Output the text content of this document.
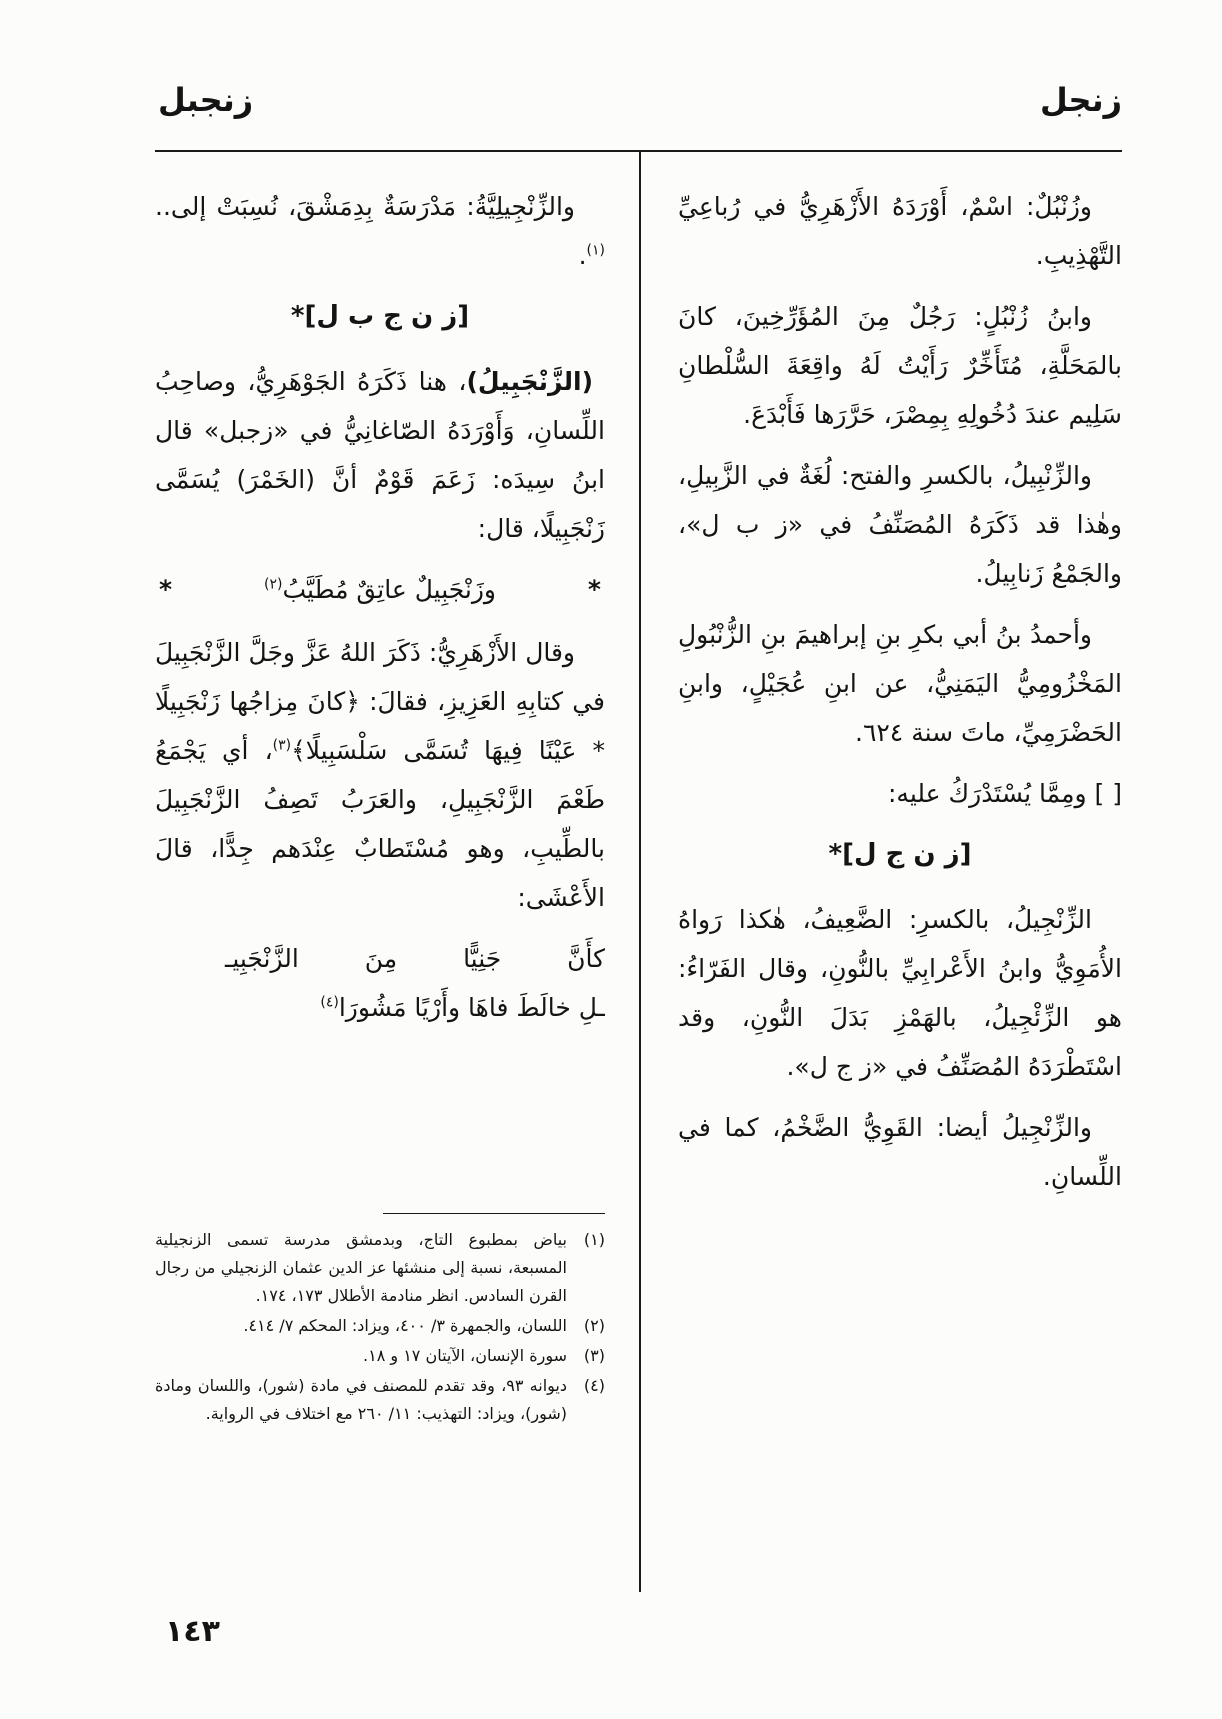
زنجل
زنجبل

وزُنْبُلٌ: اسْمٌ، أَوْرَدَهُ الأَزْهَرِيُّ في رُباعِيِّ التَّهْذِيبِ.

وابنُ زُنْبُلٍ: رَجُلٌ مِنَ المُؤَرِّخِينَ، كانَ بالمَحَلَّةِ، مُتَأَخِّرٌ رَأَيْتُ لَهُ واقِعَةَ السُّلْطانِ سَلِيم عندَ دُخُولِهِ بِمِصْرَ، حَرَّرَها فَأَبْدَعَ.

والزِّنْبِيلُ، بالكسرِ والفتح: لُغَةٌ في الزَّبِيلِ، وهٰذا قد ذَكَرَهُ المُصَنِّفُ في «ز ب ل»، والجَمْعُ زَنابِيلُ.

وأحمدُ بنُ أبي بكرِ بنِ إبراهيمَ بنِ الزُّنْبُولِ المَخْزُومِيُّ اليَمَنِيُّ، عن ابنِ عُجَيْلٍ، وابنِ الحَضْرَمِيِّ، ماتَ سنة ٦٢٤.

[ ] ومِمَّا يُسْتَدْرَكُ عليه:

[ز ن ج ل]*

الزِّنْجِيلُ، بالكسرِ: الضَّعِيفُ، هٰكذا رَواهُ الأُمَوِيُّ وابنُ الأَعْرابِيِّ بالنُّونِ، وقال الفَرّاءُ: هو الزِّئْجِيلُ، بالهَمْزِ بَدَلَ النُّونِ، وقد اسْتَطْرَدَهُ المُصَنِّفُ في «ز ج ل».

والزِّنْجِيلُ أيضا: القَوِيُّ الضَّخْمُ، كما في اللِّسانِ.

والزِّنْجِيلِيَّةُ: مَدْرَسَةٌ بِدِمَشْقَ، نُسِبَتْ إلى..$^{(١)}$.

[ز ن ج ب ل]*

(الزَّنْجَبِيلُ)، هنا ذَكَرَهُ الجَوْهَرِيُّ، وصاحِبُ اللِّسانِ، وَأَوْرَدَهُ الصّاغانِيُّ في «زجبل» قال ابنُ سِيدَه: زَعَمَ قَوْمٌ أنَّ (الخَمْرَ) يُسَمَّى زَنْجَبِيلًا، قال:

*
وزَنْجَبِيلٌ عاتِقٌ مُطَيَّبُ$^{(٢)}$
*

وقال الأَزْهَرِيُّ: ذَكَرَ اللهُ عَزَّ وجَلَّ الزَّنْجَبِيلَ في كتابِهِ العَزِيزِ، فقالَ: ﴿كانَ مِزاجُها زَنْجَبِيلًا * عَيْنًا فِيهَا تُسَمَّى سَلْسَبِيلًا﴾$^{(٣)}$، أي يَجْمَعُ طَعْمَ الزَّنْجَبِيلِ، والعَرَبُ تَصِفُ الزَّنْجَبِيلَ بالطِّيبِ، وهو مُسْتَطابٌ عِنْدَهم جِدًّا، قالَ الأَعْشَى:

كأَنَّ جَنِيًّا مِنَ الزَّنْجَبِيـ
ـلِ خالَطَ فاهَا وأَرْيًا مَشُورَا$^{(٤)}$
(١)
بياض بمطبوع التاج، وبدمشق مدرسة تسمى الزنجيلية المسبعة، نسبة إلى منشئها عز الدين عثمان الزنجيلي من رجال القرن السادس. انظر منادمة الأطلال ١٧٣، ١٧٤.
(٢)
اللسان، والجمهرة ٣/ ٤٠٠، ويزاد: المحكم ٧/ ٤١٤.
(٣)
سورة الإنسان، الآيتان ١٧ و ١٨.
(٤)
ديوانه ٩٣، وقد تقدم للمصنف في مادة (شور)، واللسان ومادة (شور)، ويزاد: التهذيب: ١١/ ٢٦٠ مع اختلاف في الرواية.
١٤٣
